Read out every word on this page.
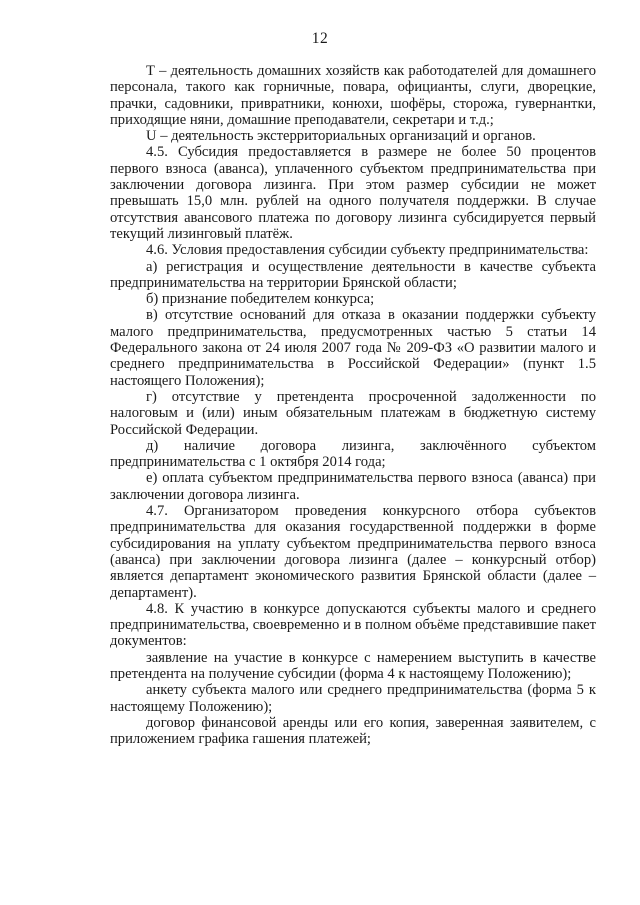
12

Т – деятельность домашних хозяйств как работодателей для домашнего персонала, такого как горничные, повара, официанты, слуги, дворецкие, прачки, садовники, привратники, конюхи, шофёры, сторожа, гувернантки, приходящие няни, домашние преподаватели, секретари и т.д.;

U – деятельность экстерриториальных организаций и органов.

4.5. Субсидия предоставляется в размере не более 50 процентов первого взноса (аванса), уплаченного субъектом предпринимательства при заключении договора лизинга. При этом размер субсидии не может превышать 15,0 млн. рублей на одного получателя поддержки. В случае отсутствия авансового платежа по договору лизинга субсидируется первый текущий лизинговый платёж.

4.6. Условия предоставления субсидии субъекту предпринимательства:

а) регистрация и осуществление деятельности в качестве субъекта предпринимательства на территории Брянской области;

б) признание победителем конкурса;

в) отсутствие оснований для отказа в оказании поддержки субъекту малого предпринимательства, предусмотренных частью 5 статьи 14 Федерального закона от 24 июля 2007 года № 209-ФЗ «О развитии малого и среднего предпринимательства в Российской Федерации» (пункт 1.5 настоящего Положения);

г) отсутствие у претендента просроченной задолженности по налоговым и (или) иным обязательным платежам в бюджетную систему Российской Федерации.

д) наличие договора лизинга, заключённого субъектом предпринимательства с 1 октября 2014 года;

е) оплата субъектом предпринимательства первого взноса (аванса) при заключении договора лизинга.

4.7. Организатором проведения конкурсного отбора субъектов предпринимательства для оказания государственной поддержки в форме субсидирования на уплату субъектом предпринимательства первого взноса (аванса) при заключении договора лизинга (далее – конкурсный отбор) является департамент экономического развития Брянской области (далее – департамент).

4.8. К участию в конкурсе допускаются субъекты малого и среднего предпринимательства, своевременно и в полном объёме представившие пакет документов:

заявление на участие в конкурсе с намерением выступить в качестве претендента на получение субсидии (форма 4 к настоящему Положению);

анкету субъекта малого или среднего предпринимательства (форма 5 к настоящему Положению);

договор финансовой аренды или его копия, заверенная заявителем, с приложением графика гашения платежей;
